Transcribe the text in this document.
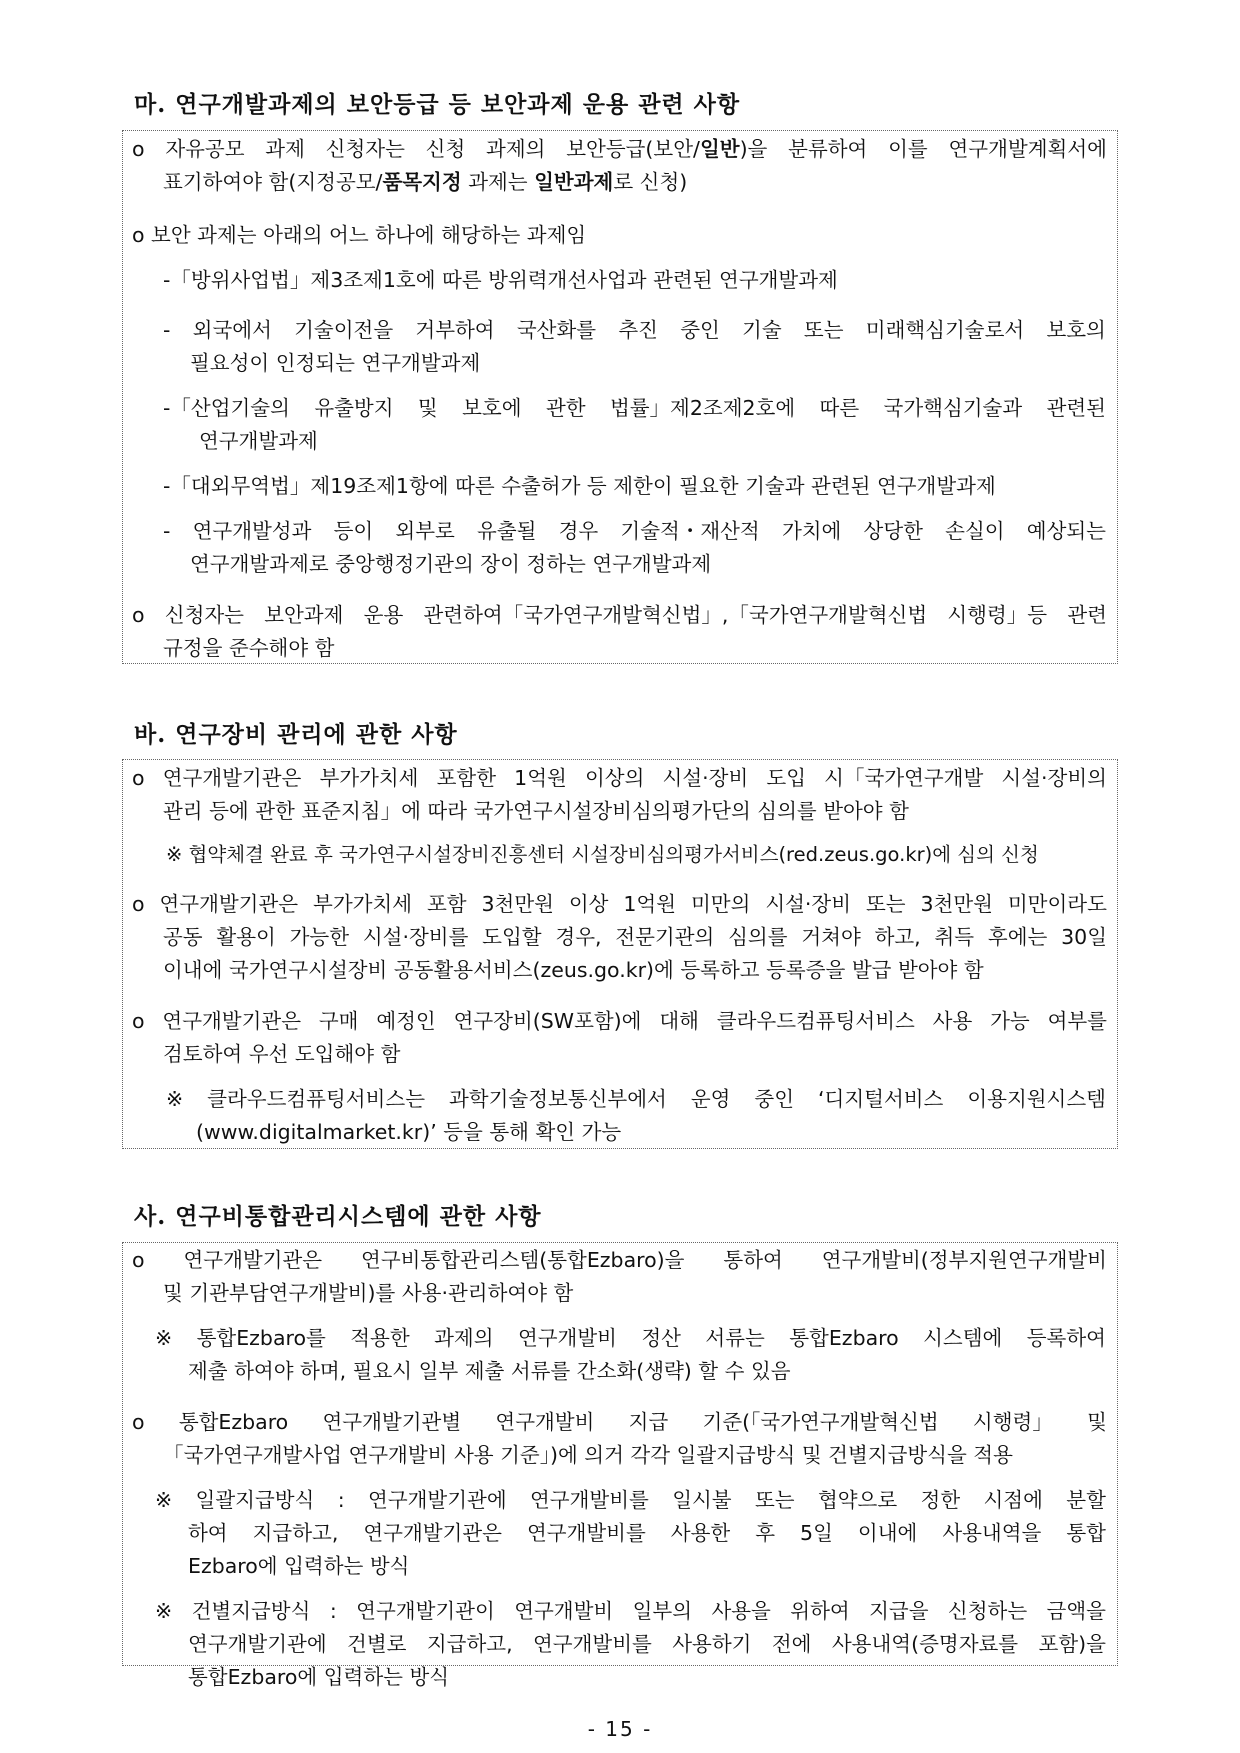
마. 연구개발과제의 보안등급 등 보안과제 운용 관련 사항
o 자유공모 과제 신청자는 신청 과제의 보안등급(보안/일반)을 분류하여 이를 연구개발계획서에
표기하여야 함(지정공모/품목지정 과제는 일반과제로 신청)
o 보안 과제는 아래의 어느 하나에 해당하는 과제임
-「방위사업법」제3조제1호에 따른 방위력개선사업과 관련된 연구개발과제
- 외국에서 기술이전을 거부하여 국산화를 추진 중인 기술 또는 미래핵심기술로서 보호의
필요성이 인정되는 연구개발과제
-「산업기술의 유출방지 및 보호에 관한 법률」제2조제2호에 따른 국가핵심기술과 관련된
연구개발과제
-「대외무역법」제19조제1항에 따른 수출허가 등 제한이 필요한 기술과 관련된 연구개발과제
- 연구개발성과 등이 외부로 유출될 경우 기술적・재산적 가치에 상당한 손실이 예상되는
연구개발과제로 중앙행정기관의 장이 정하는 연구개발과제
o 신청자는 보안과제 운용 관련하여「국가연구개발혁신법」,「국가연구개발혁신법 시행령」등 관련
규정을 준수해야 함
바. 연구장비 관리에 관한 사항
o 연구개발기관은 부가가치세 포함한 1억원 이상의 시설·장비 도입 시「국가연구개발 시설·장비의
관리 등에 관한 표준지침」에 따라 국가연구시설장비심의평가단의 심의를 받아야 함
※ 협약체결 완료 후 국가연구시설장비진흥센터 시설장비심의평가서비스(red.zeus.go.kr)에 심의 신청
o 연구개발기관은 부가가치세 포함 3천만원 이상 1억원 미만의 시설·장비 또는 3천만원 미만이라도
공동 활용이 가능한 시설·장비를 도입할 경우, 전문기관의 심의를 거쳐야 하고, 취득 후에는 30일
이내에 국가연구시설장비 공동활용서비스(zeus.go.kr)에 등록하고 등록증을 발급 받아야 함
o 연구개발기관은 구매 예정인 연구장비(SW포함)에 대해 클라우드컴퓨팅서비스 사용 가능 여부를
검토하여 우선 도입해야 함
※ 클라우드컴퓨팅서비스는 과학기술정보통신부에서 운영 중인 ‘디지털서비스 이용지원시스템
(www.digitalmarket.kr)’ 등을 통해 확인 가능
사. 연구비통합관리시스템에 관한 사항
o 연구개발기관은 연구비통합관리스템(통합Ezbaro)을 통하여 연구개발비(정부지원연구개발비
및 기관부담연구개발비)를 사용·관리하여야 함
※ 통합Ezbaro를 적용한 과제의 연구개발비 정산 서류는 통합Ezbaro 시스템에 등록하여
제출 하여야 하며, 필요시 일부 제출 서류를 간소화(생략) 할 수 있음
o 통합Ezbaro 연구개발기관별 연구개발비 지급 기준(「국가연구개발혁신법 시행령」 및
「국가연구개발사업 연구개발비 사용 기준」)에 의거 각각 일괄지급방식 및 건별지급방식을 적용
※ 일괄지급방식 : 연구개발기관에 연구개발비를 일시불 또는 협약으로 정한 시점에 분할
하여 지급하고, 연구개발기관은 연구개발비를 사용한 후 5일 이내에 사용내역을 통합
Ezbaro에 입력하는 방식
※ 건별지급방식 : 연구개발기관이 연구개발비 일부의 사용을 위하여 지급을 신청하는 금액을
연구개발기관에 건별로 지급하고, 연구개발비를 사용하기 전에 사용내역(증명자료를 포함)을
통합Ezbaro에 입력하는 방식
- 15 -
